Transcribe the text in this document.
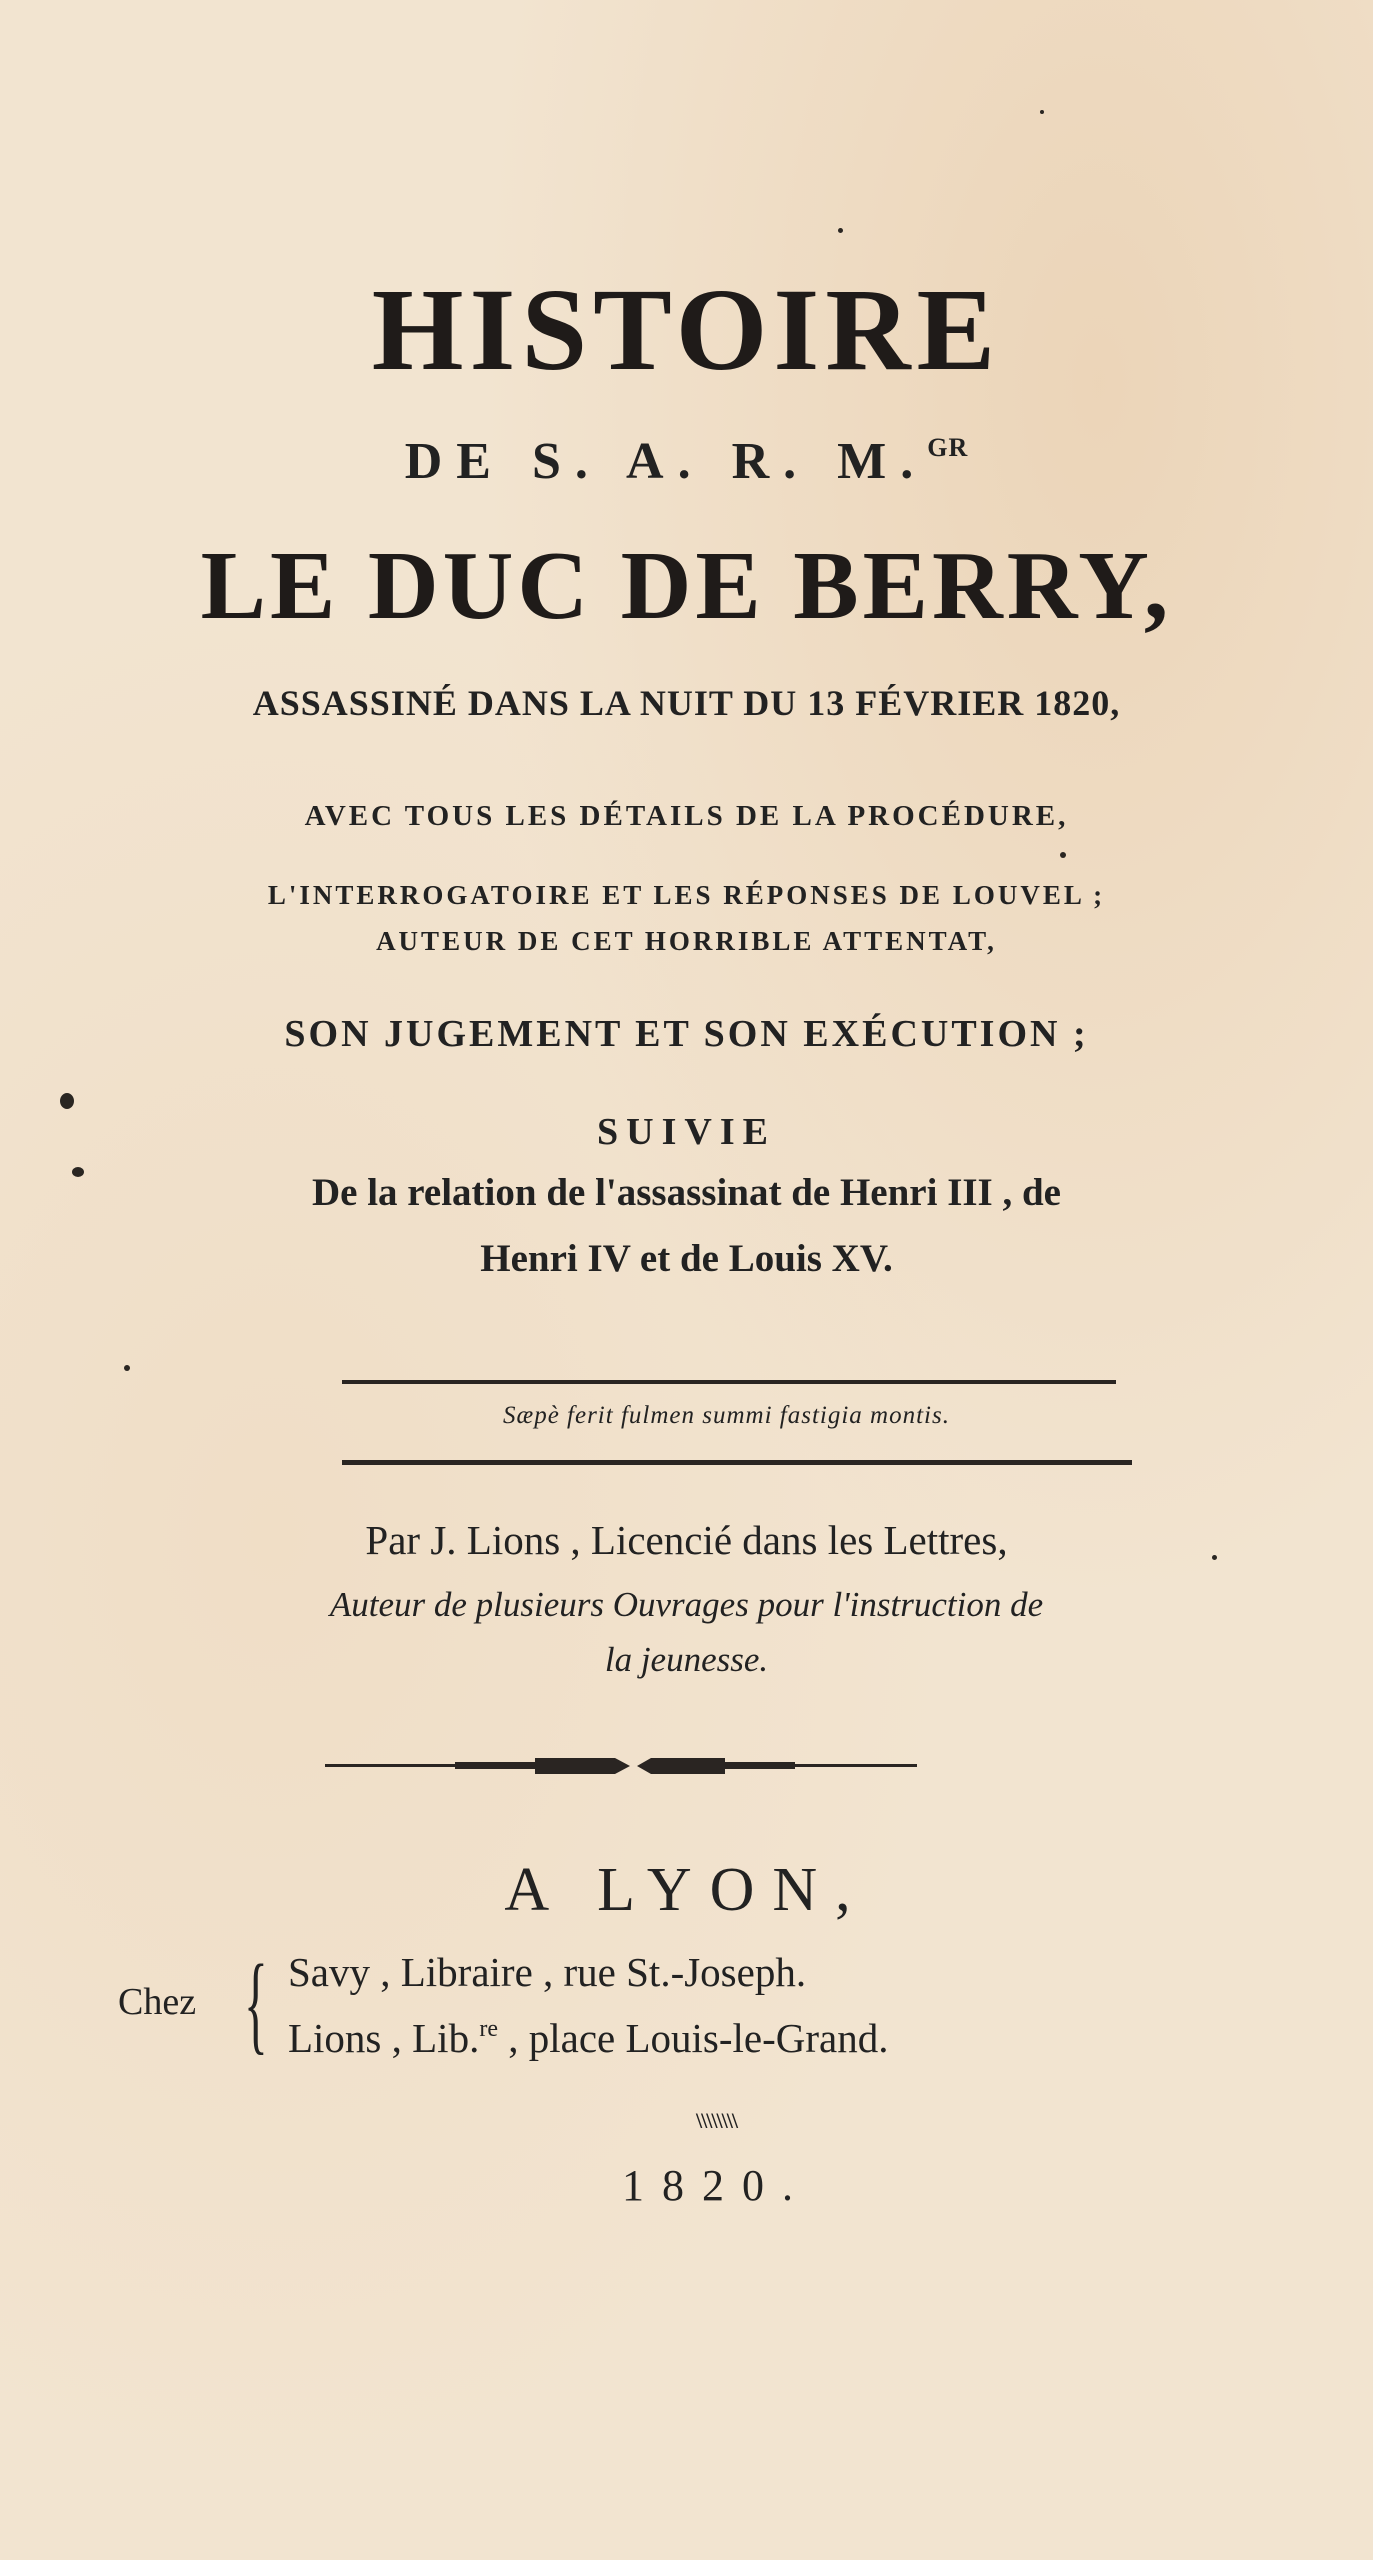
HISTOIRE
DE S. A. R. M.$^{GR}$
LE DUC DE BERRY,
ASSASSINÉ DANS LA NUIT DU 13 FÉVRIER 1820,
AVEC TOUS LES DÉTAILS DE LA PROCÉDURE,
L'INTERROGATOIRE ET LES RÉPONSES DE LOUVEL ;
AUTEUR DE CET HORRIBLE ATTENTAT,
SON JUGEMENT ET SON EXÉCUTION ;
SUIVIE
De la relation de l'assassinat de Henri III , de
Henri IV et de Louis XV.
Sæpè ferit fulmen summi fastigia montis.
Par J. Lions , Licencié dans les Lettres,
Auteur de plusieurs Ouvrages pour l'instruction de
la jeunesse.
A LYON,
Chez { Savy , Libraire , rue St.-Joseph.
Lions , Lib.$^{re}$ , place Louis-le-Grand.
\\\\\\\\
1820.
